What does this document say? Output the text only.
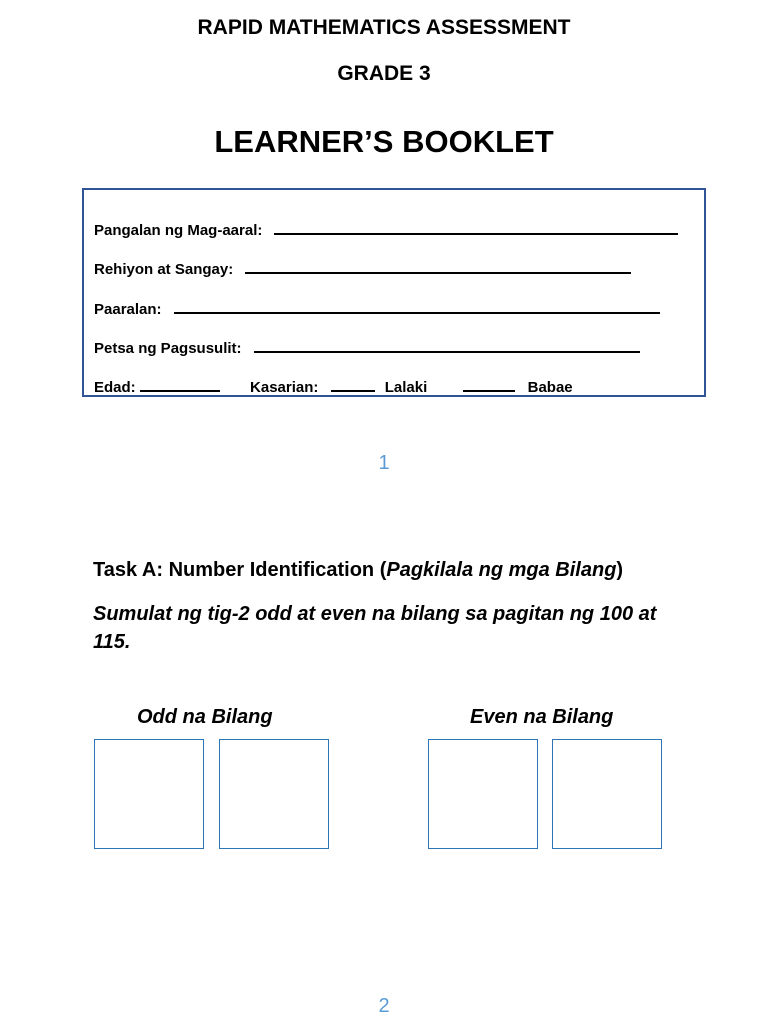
RAPID MATHEMATICS ASSESSMENT
GRADE 3
LEARNER’S BOOKLET
Pangalan ng Mag-aaral:
Rehiyon at Sangay:
Paaralan:
Petsa ng Pagsusulit:
Edad:	Kasarian:	Lalaki	Babae
1
Task A: Number Identification (Pagkilala ng mga Bilang)
Sumulat ng tig-2 odd at even na bilang sa pagitan ng 100 at 115.
Odd na Bilang	Even na Bilang
2
